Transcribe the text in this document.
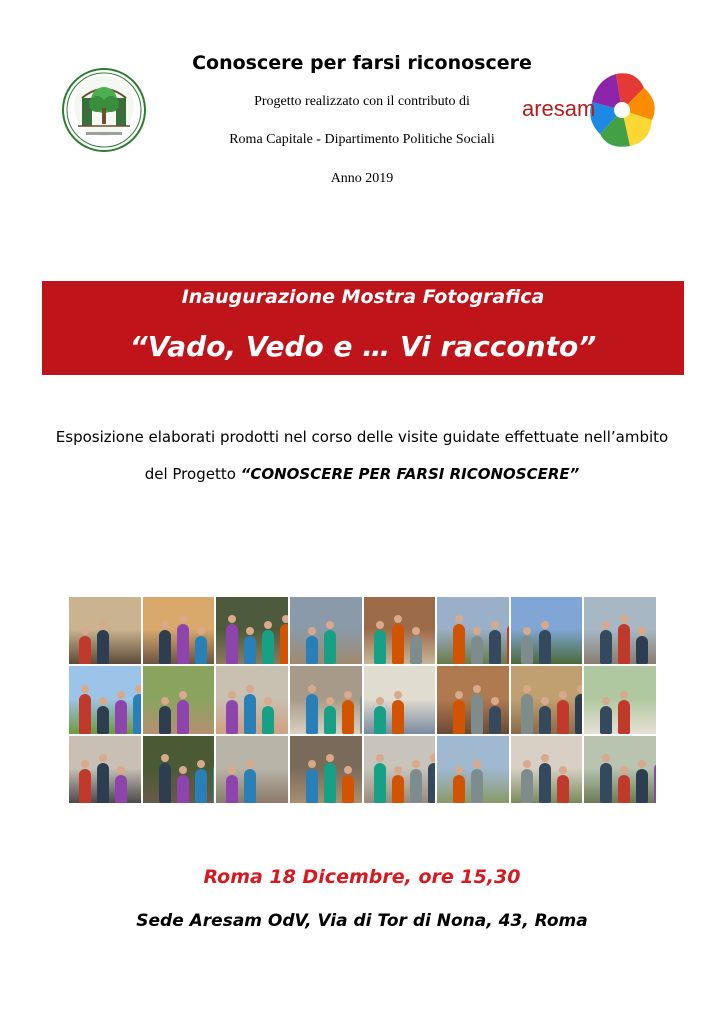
aresam
Conoscere per farsi riconoscere
Progetto realizzato con il contributo di
Roma Capitale - Dipartimento Politiche Sociali
Anno 2019
Inaugurazione Mostra Fotografica
“Vado, Vedo e … Vi racconto”
Esposizione elaborati prodotti nel corso delle visite guidate effettuate nell’ambito
del Progetto “CONOSCERE PER FARSI RICONOSCERE”
Roma 18 Dicembre, ore 15,30
Sede Aresam OdV, Via di Tor di Nona, 43, Roma
